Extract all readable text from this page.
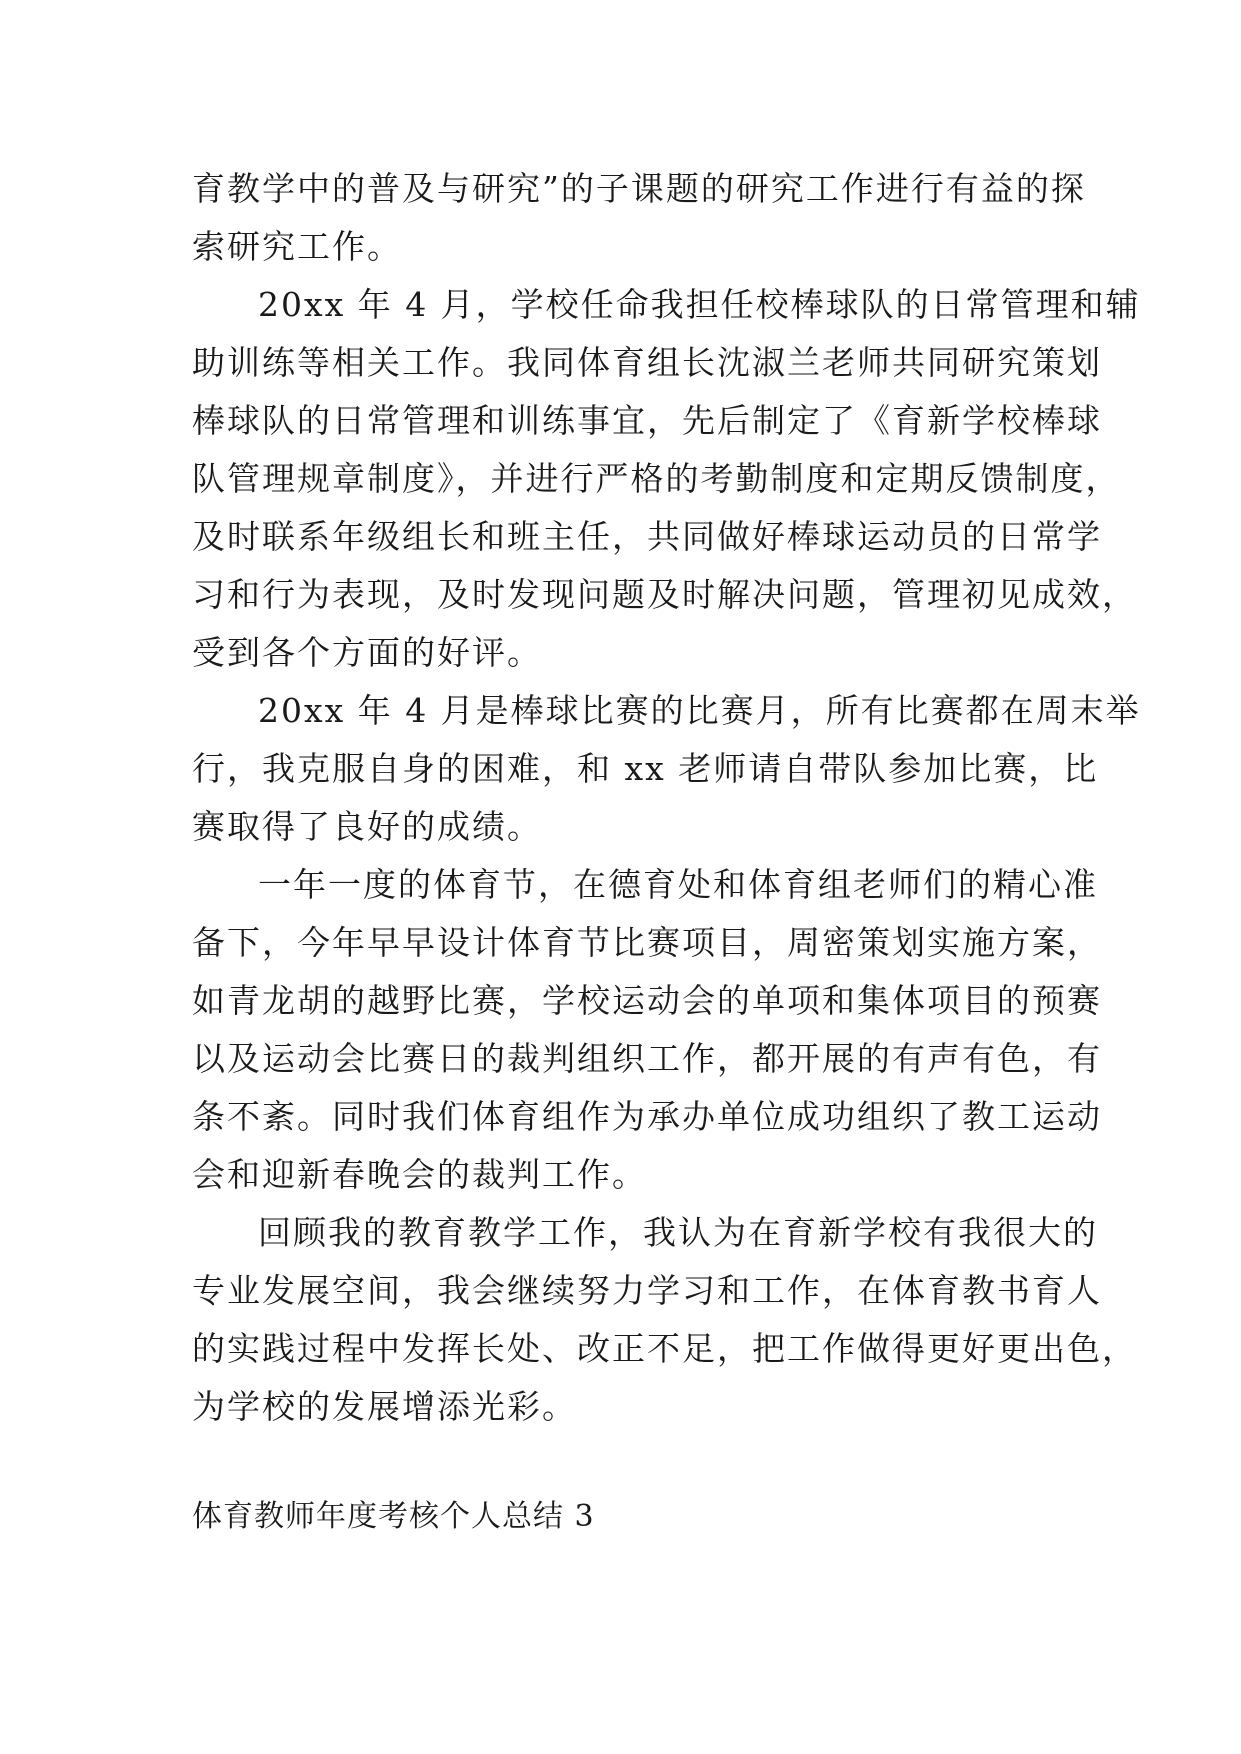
育教学中的普及与研究”的子课题的研究工作进行有益的探
索研究工作。
20xx 年 4 月，学校任命我担任校棒球队的日常管理和辅
助训练等相关工作。我同体育组长沈淑兰老师共同研究策划
棒球队的日常管理和训练事宜，先后制定了《育新学校棒球
队管理规章制度》，并进行严格的考勤制度和定期反馈制度，
及时联系年级组长和班主任，共同做好棒球运动员的日常学
习和行为表现，及时发现问题及时解决问题，管理初见成效，
受到各个方面的好评。
20xx 年 4 月是棒球比赛的比赛月，所有比赛都在周末举
行，我克服自身的困难，和 xx 老师请自带队参加比赛，比
赛取得了良好的成绩。
一年一度的体育节，在德育处和体育组老师们的精心准
备下，今年早早设计体育节比赛项目，周密策划实施方案，
如青龙胡的越野比赛，学校运动会的单项和集体项目的预赛
以及运动会比赛日的裁判组织工作，都开展的有声有色，有
条不紊。同时我们体育组作为承办单位成功组织了教工运动
会和迎新春晚会的裁判工作。
回顾我的教育教学工作，我认为在育新学校有我很大的
专业发展空间，我会继续努力学习和工作，在体育教书育人
的实践过程中发挥长处、改正不足，把工作做得更好更出色，
为学校的发展增添光彩。
体育教师年度考核个人总结 3
